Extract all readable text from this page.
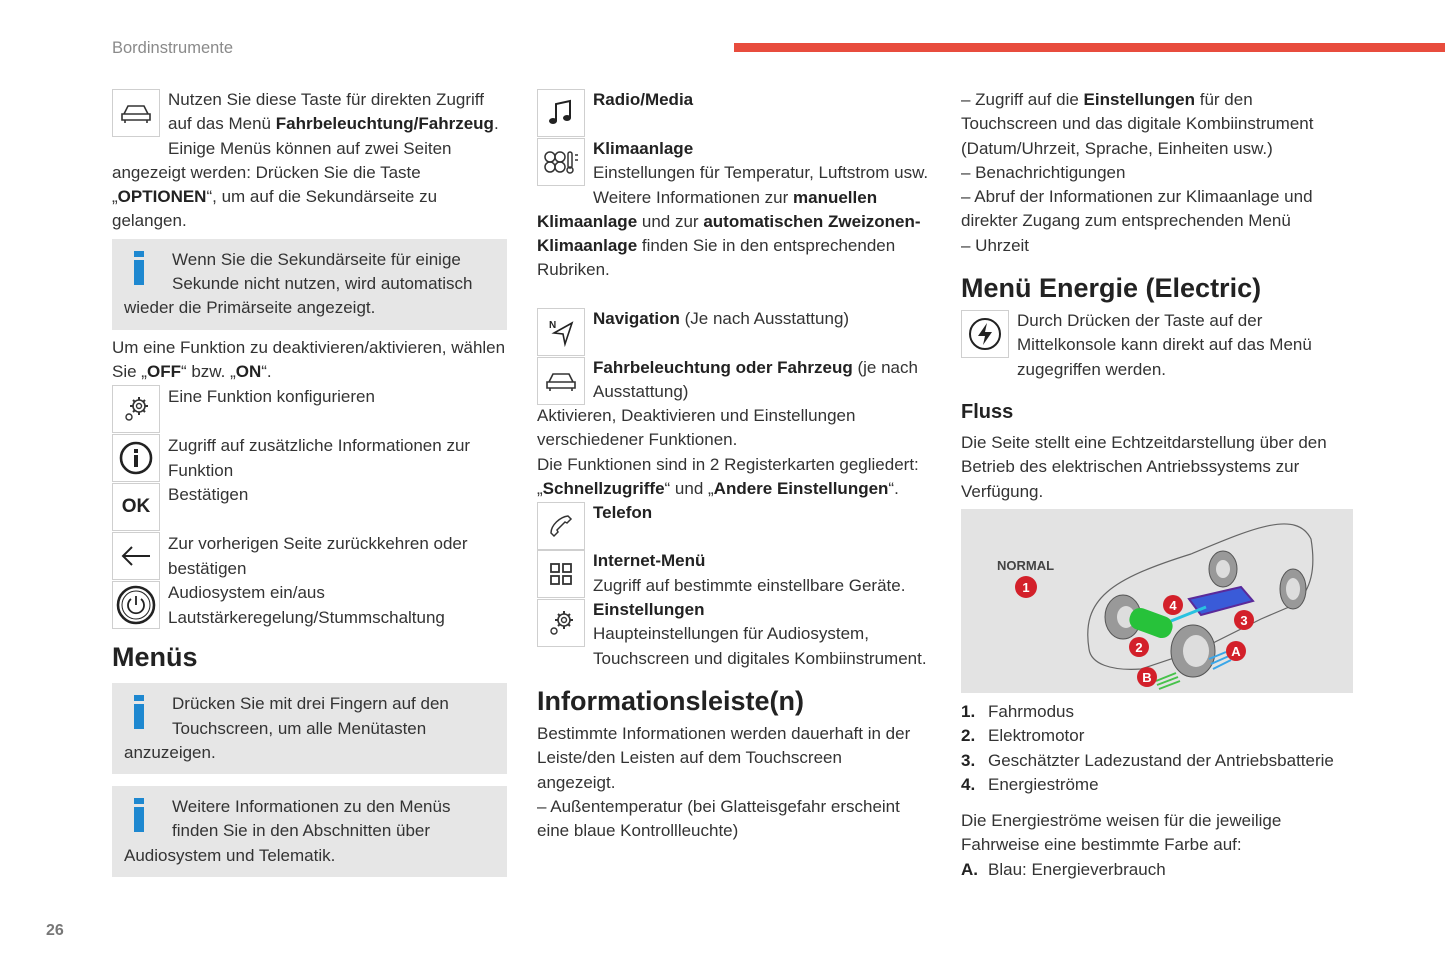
Bordinstrumente
26

Nutzen Sie diese Taste für direkten Zugriff auf das Menü Fahrbeleuchtung/Fahrzeug. Einige Menüs können auf zwei Seiten angezeigt werden: Drücken Sie die Taste „OPTIONEN“, um auf die Sekundärseite zu gelangen.

Wenn Sie die Sekundärseite für einige Sekunde nicht nutzen, wird automatisch wieder die Primärseite angezeigt.

Um eine Funktion zu deaktivieren/aktivieren, wählen Sie „OFF“ bzw. „ON“.

Eine Funktion konfigurieren

Zugriff auf zusätzliche Informationen zur Funktion

OK

Bestätigen

Zur vorherigen Seite zurückkehren oder bestätigen

Audiosystem ein/aus Lautstärkeregelung/Stummschaltung

Menüs

Drücken Sie mit drei Fingern auf den Touchscreen, um alle Menütasten anzuzeigen.

Weitere Informationen zu den Menüs finden Sie in den Abschnitten über Audiosystem und Telematik.

Radio/Media

Klimaanlage

Einstellungen für Temperatur, Luftstrom usw.

Weitere Informationen zur manuellen Klimaanlage und zur automatischen Zweizonen-Klimaanlage finden Sie in den entsprechenden Rubriken.

N Navigation (Je nach Ausstattung)

Fahrbeleuchtung oder Fahrzeug (je nach Ausstattung)

Aktivieren, Deaktivieren und Einstellungen verschiedener Funktionen.

Die Funktionen sind in 2 Registerkarten gegliedert: „Schnellzugriffe“ und „Andere Einstellungen“.

Telefon

Internet-Menü

Zugriff auf bestimmte einstellbare Geräte.

Einstellungen

Haupteinstellungen für Audiosystem, Touchscreen und digitales Kombiinstrument.

Informationsleiste(n)

Bestimmte Informationen werden dauerhaft in der Leiste/den Leisten auf dem Touchscreen angezeigt.

– Außentemperatur (bei Glatteisgefahr erscheint eine blaue Kontrollleuchte)

– Zugriff auf die Einstellungen für den Touchscreen und das digitale Kombiinstrument (Datum/Uhrzeit, Sprache, Einheiten usw.)

– Benachrichtigungen

– Abruf der Informationen zur Klimaanlage und direkter Zugang zum entsprechenden Menü

– Uhrzeit

Menü Energie (Electric)

Durch Drücken der Taste auf der Mittelkonsole kann direkt auf das Menü zugegriffen werden.

Fluss

Die Seite stellt eine Echtzeitdarstellung über den Betrieb des elektrischen Antriebssystems zur Verfügung.

NORMAL
1
2
3
4
A
B
1. Fahrmodus
2. Elektromotor
3. Geschätzter Ladezustand der Antriebsbatterie
4. Energieströme

Die Energieströme weisen für die jeweilige Fahrweise eine bestimmte Farbe auf:

A. Blau: Energieverbrauch
